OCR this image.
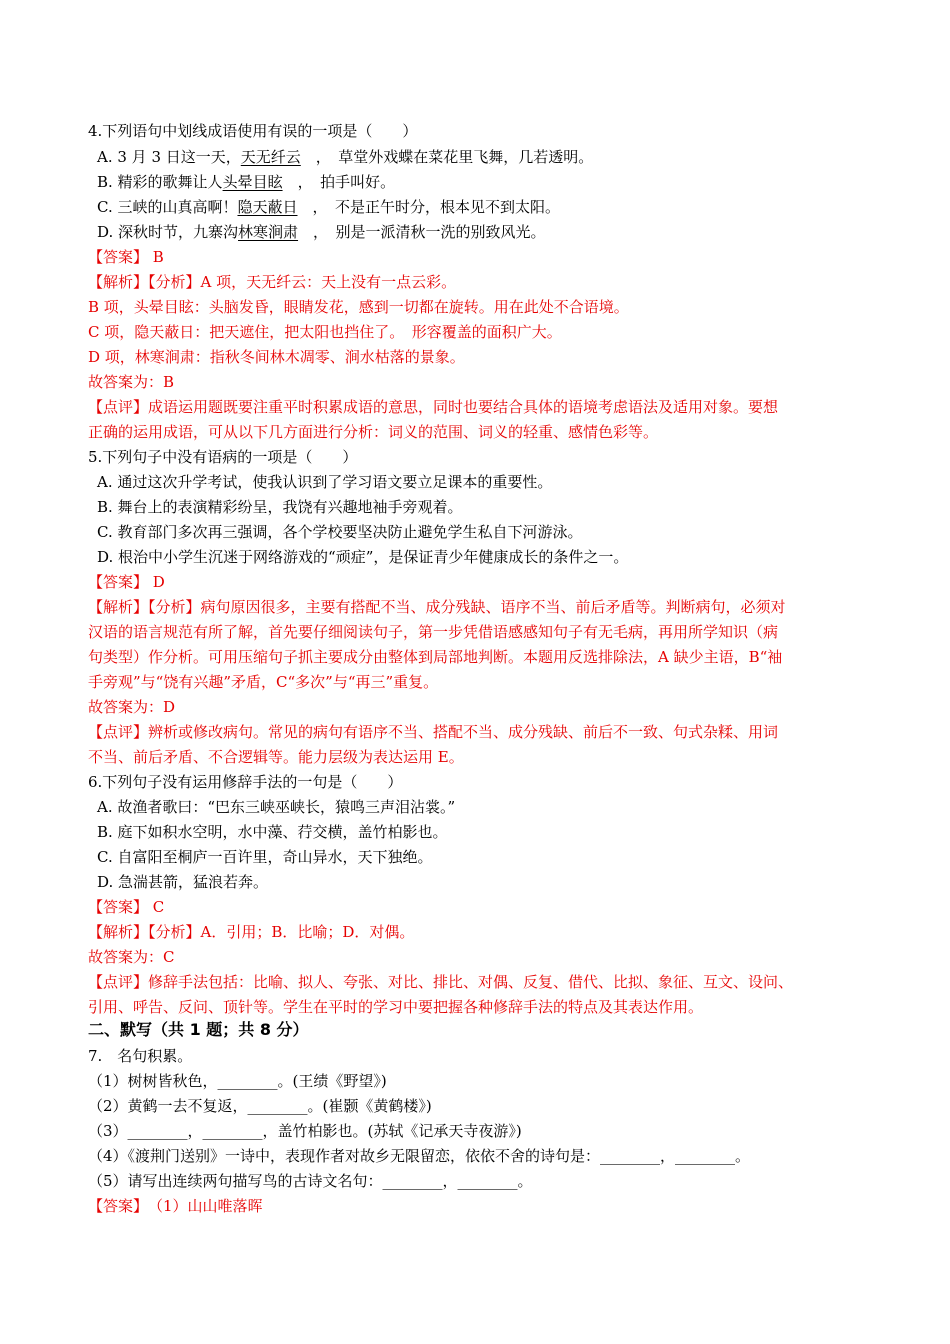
4.下列语句中划线成语使用有误的一项是（　　）
A. 3 月 3 日这一天，天无纤云　，　草堂外戏蝶在菜花里飞舞，几若透明。
B. 精彩的歌舞让人头晕目眩　，　拍手叫好。
C. 三峡的山真高啊！隐天蔽日　，　不是正午时分，根本见不到太阳。
D. 深秋时节，九寨沟林寒涧肃　，　别是一派清秋一洗的别致风光。
【答案】 B
【解析】【分析】A 项，天无纤云：天上没有一点云彩。
B 项，头晕目眩：头脑发昏，眼睛发花，感到一切都在旋转。用在此处不合语境。
C 项，隐天蔽日：把天遮住，把太阳也挡住了。　形容覆盖的面积广大。
D 项，林寒涧肃：指秋冬间林木凋零、涧水枯落的景象。
故答案为：B
【点评】成语运用题既要注重平时积累成语的意思，同时也要结合具体的语境考虑语法及适用对象。要想
正确的运用成语，可从以下几方面进行分析：词义的范围、词义的轻重、感情色彩等。
5.下列句子中没有语病的一项是（　　）
A. 通过这次升学考试，使我认识到了学习语文要立足课本的重要性。
B. 舞台上的表演精彩纷呈，我饶有兴趣地袖手旁观着。
C. 教育部门多次再三强调，各个学校要坚决防止避免学生私自下河游泳。
D. 根治中小学生沉迷于网络游戏的“顽症”，是保证青少年健康成长的条件之一。
【答案】 D
【解析】【分析】病句原因很多，主要有搭配不当、成分残缺、语序不当、前后矛盾等。判断病句，必须对
汉语的语言规范有所了解，首先要仔细阅读句子，第一步凭借语感感知句子有无毛病，再用所学知识（病
句类型）作分析。可用压缩句子抓主要成分由整体到局部地判断。本题用反选排除法，A 缺少主语，B“袖
手旁观”与“饶有兴趣”矛盾，C“多次”与“再三”重复。
故答案为：D
【点评】辨析或修改病句。常见的病句有语序不当、搭配不当、成分残缺、前后不一致、句式杂糅、用词
不当、前后矛盾、不合逻辑等。能力层级为表达运用 E。
6.下列句子没有运用修辞手法的一句是（　　）
A. 故渔者歌曰：“巴东三峡巫峡长，猿鸣三声泪沾裳。”
B. 庭下如积水空明，水中藻、荇交横，盖竹柏影也。
C. 自富阳至桐庐一百许里，奇山异水，天下独绝。
D. 急湍甚箭，猛浪若奔。
【答案】 C
【解析】【分析】A．引用；B．比喻；D．对偶。
故答案为：C
【点评】修辞手法包括：比喻、拟人、夸张、对比、排比、对偶、反复、借代、比拟、象征、互文、设问、
引用、呼告、反问、顶针等。学生在平时的学习中要把握各种修辞手法的特点及其表达作用。
二、默写（共 1 题；共 8 分）
7.　名句积累。
（1）树树皆秋色，________。(王绩《野望》)
（2）黄鹤一去不复返，________。(崔颢《黄鹤楼》)
（3）________，________，盖竹柏影也。(苏轼《记承天寺夜游》)
（4）《渡荆门送别》一诗中，表现作者对故乡无限留恋，依依不舍的诗句是：________，________。
（5）请写出连续两句描写鸟的古诗文名句：________，________。
【答案】　（1）山山唯落晖
